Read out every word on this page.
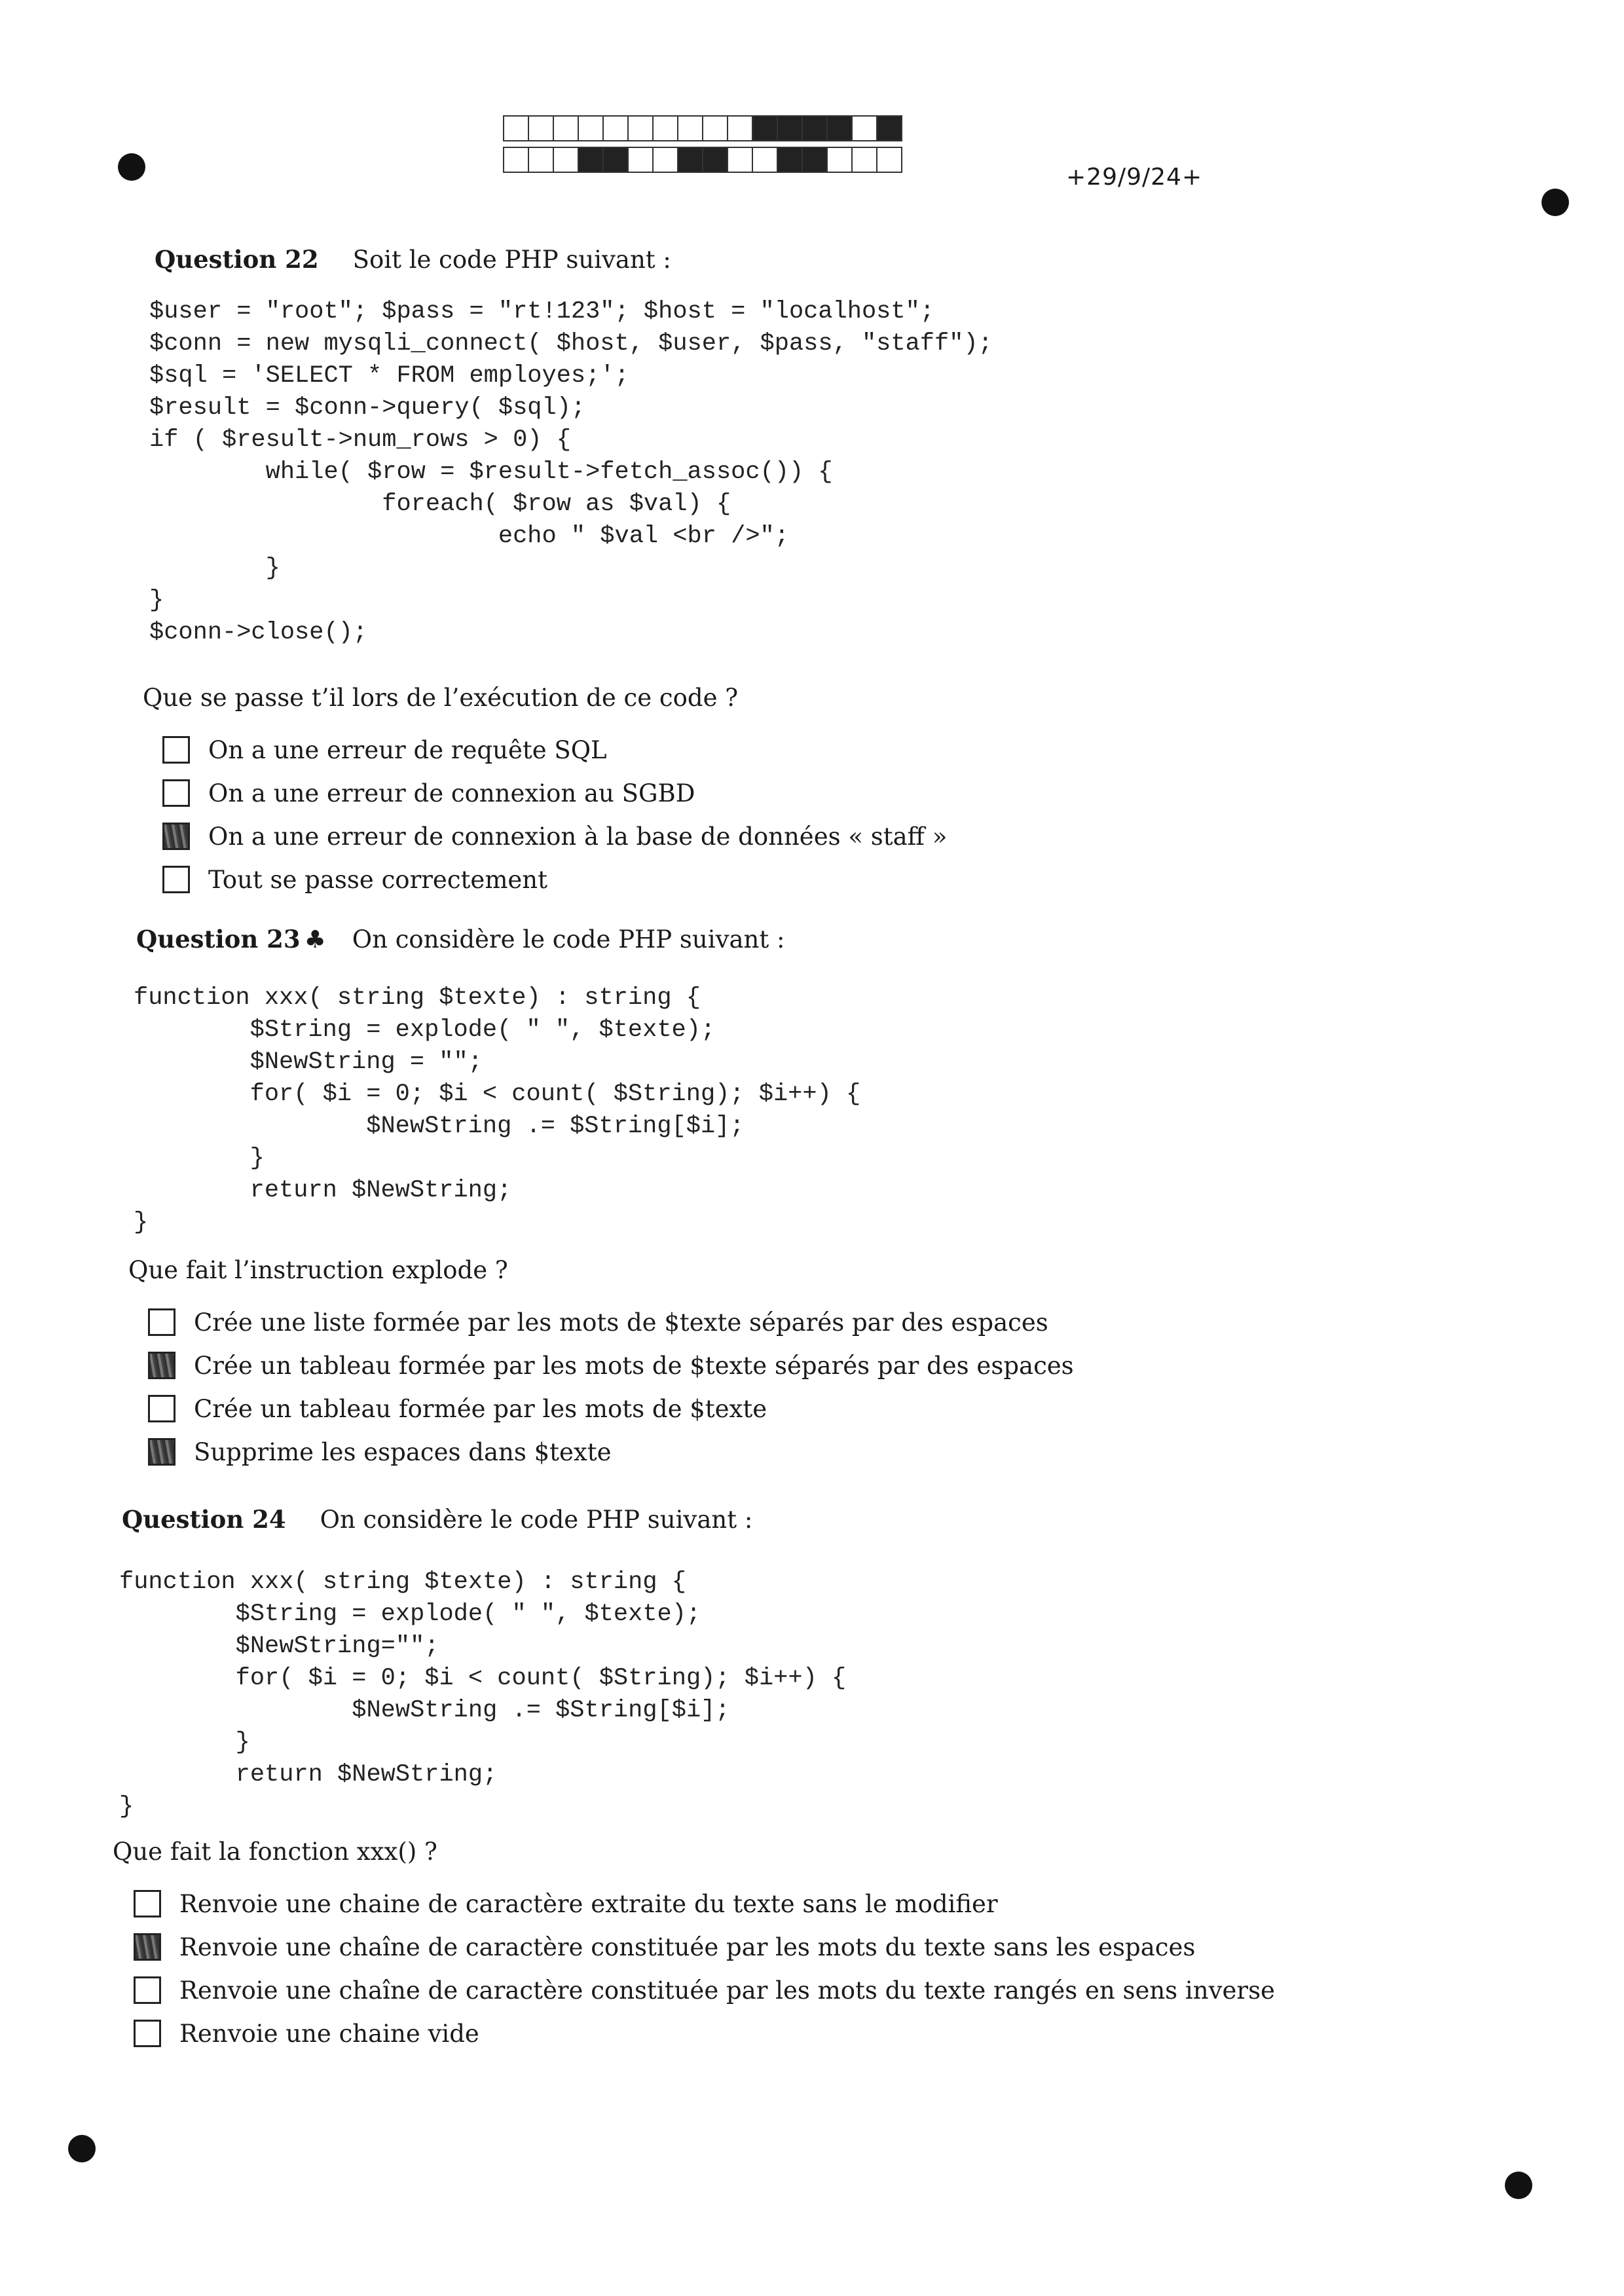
+29/9/24+
Question 22 Soit le code PHP suivant :
$user = "root"; $pass = "rt!123"; $host = "localhost";
$conn = new mysqli_connect( $host, $user, $pass, "staff");
$sql = 'SELECT * FROM employes;';
$result = $conn->query( $sql);
if ( $result->num_rows > 0) {
while( $row = $result->fetch_assoc()) {
foreach( $row as $val) {
echo " $val <br />";
}
}
$conn->close();
Que se passe t’il lors de l’exécution de ce code ?
On a une erreur de requête SQL
On a une erreur de connexion au SGBD
On a une erreur de connexion à la base de données « staff »
Tout se passe correctement
Question 23 ♣ On considère le code PHP suivant :
function xxx( string $texte) : string {
$String = explode( " ", $texte);
$NewString = "";
for( $i = 0; $i < count( $String); $i++) {
$NewString .= $String[$i];
}
return $NewString;
}
Que fait l’instruction explode ?
Crée une liste formée par les mots de $texte séparés par des espaces
Crée un tableau formée par les mots de $texte séparés par des espaces
Crée un tableau formée par les mots de $texte
Supprime les espaces dans $texte
Question 24 On considère le code PHP suivant :
function xxx( string $texte) : string {
$String = explode( " ", $texte);
$NewString="";
for( $i = 0; $i < count( $String); $i++) {
$NewString .= $String[$i];
}
return $NewString;
}
Que fait la fonction xxx() ?
Renvoie une chaine de caractère extraite du texte sans le modifier
Renvoie une chaîne de caractère constituée par les mots du texte sans les espaces
Renvoie une chaîne de caractère constituée par les mots du texte rangés en sens inverse
Renvoie une chaine vide
